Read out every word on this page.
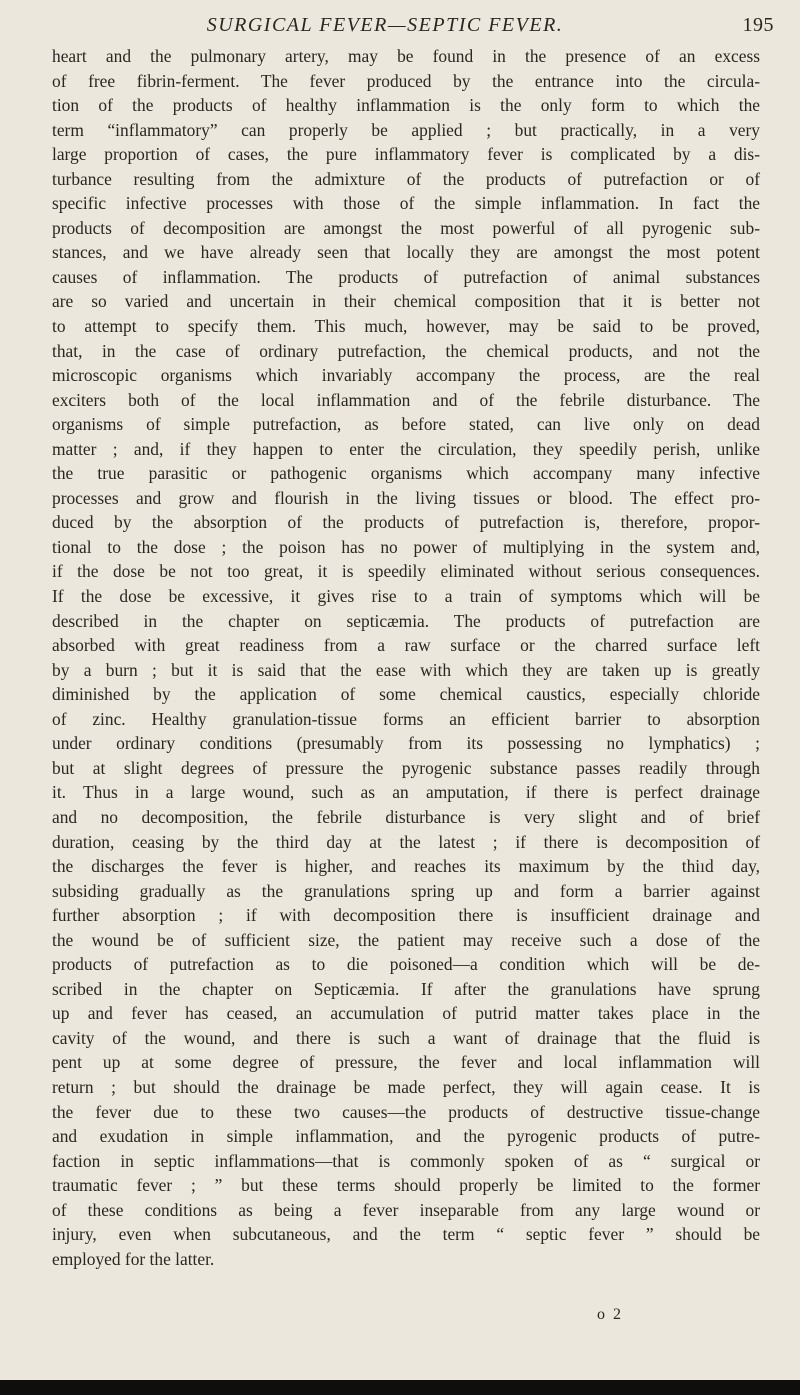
SURGICAL FEVER—SEPTIC FEVER.	195
heart and the pulmonary artery, may be found in the presence of an excess
of free fibrin-ferment. The fever produced by the entrance into the circula-
tion of the products of healthy inflammation is the only form to which the
term “inflammatory” can properly be applied ; but practically, in a very
large proportion of cases, the pure inflammatory fever is complicated by a dis-
turbance resulting from the admixture of the products of putrefaction or of
specific infective processes with those of the simple inflammation. In fact the
products of decomposition are amongst the most powerful of all pyrogenic sub-
stances, and we have already seen that locally they are amongst the most potent
causes of inflammation. The products of putrefaction of animal substances
are so varied and uncertain in their chemical composition that it is better not
to attempt to specify them. This much, however, may be said to be proved,
that, in the case of ordinary putrefaction, the chemical products, and not the
microscopic organisms which invariably accompany the process, are the real
exciters both of the local inflammation and of the febrile disturbance. The
organisms of simple putrefaction, as before stated, can live only on dead
matter ; and, if they happen to enter the circulation, they speedily perish, unlike
the true parasitic or pathogenic organisms which accompany many infective
processes and grow and flourish in the living tissues or blood. The effect pro-
duced by the absorption of the products of putrefaction is, therefore, propor-
tional to the dose ; the poison has no power of multiplying in the system and,
if the dose be not too great, it is speedily eliminated without serious consequences.
If the dose be excessive, it gives rise to a train of symptoms which will be
described in the chapter on septicæmia. The products of putrefaction are
absorbed with great readiness from a raw surface or the charred surface left
by a burn ; but it is said that the ease with which they are taken up is greatly
diminished by the application of some chemical caustics, especially chloride
of zinc. Healthy granulation-tissue forms an efficient barrier to absorption
under ordinary conditions (presumably from its possessing no lymphatics) ;
but at slight degrees of pressure the pyrogenic substance passes readily through
it. Thus in a large wound, such as an amputation, if there is perfect drainage
and no decomposition, the febrile disturbance is very slight and of brief
duration, ceasing by the third day at the latest ; if there is decomposition of
the discharges the fever is higher, and reaches its maximum by the thiıd day,
subsiding gradually as the granulations spring up and form a barrier against
further absorption ; if with decomposition there is insufficient drainage and
the wound be of sufficient size, the patient may receive such a dose of the
products of putrefaction as to die poisoned—a condition which will be de-
scribed in the chapter on Septicæmia. If after the granulations have sprung
up and fever has ceased, an accumulation of putrid matter takes place in the
cavity of the wound, and there is such a want of drainage that the fluid is
pent up at some degree of pressure, the fever and local inflammation will
return ; but should the drainage be made perfect, they will again cease. It is
the fever due to these two causes—the products of destructive tissue-change
and exudation in simple inflammation, and the pyrogenic products of putre-
faction in septic inflammations—that is commonly spoken of as “ surgical or
traumatic fever ; ” but these terms should properly be limited to the former
of these conditions as being a fever inseparable from any large wound or
injury, even when subcutaneous, and the term “ septic fever ” should be
employed for the latter.
o 2
